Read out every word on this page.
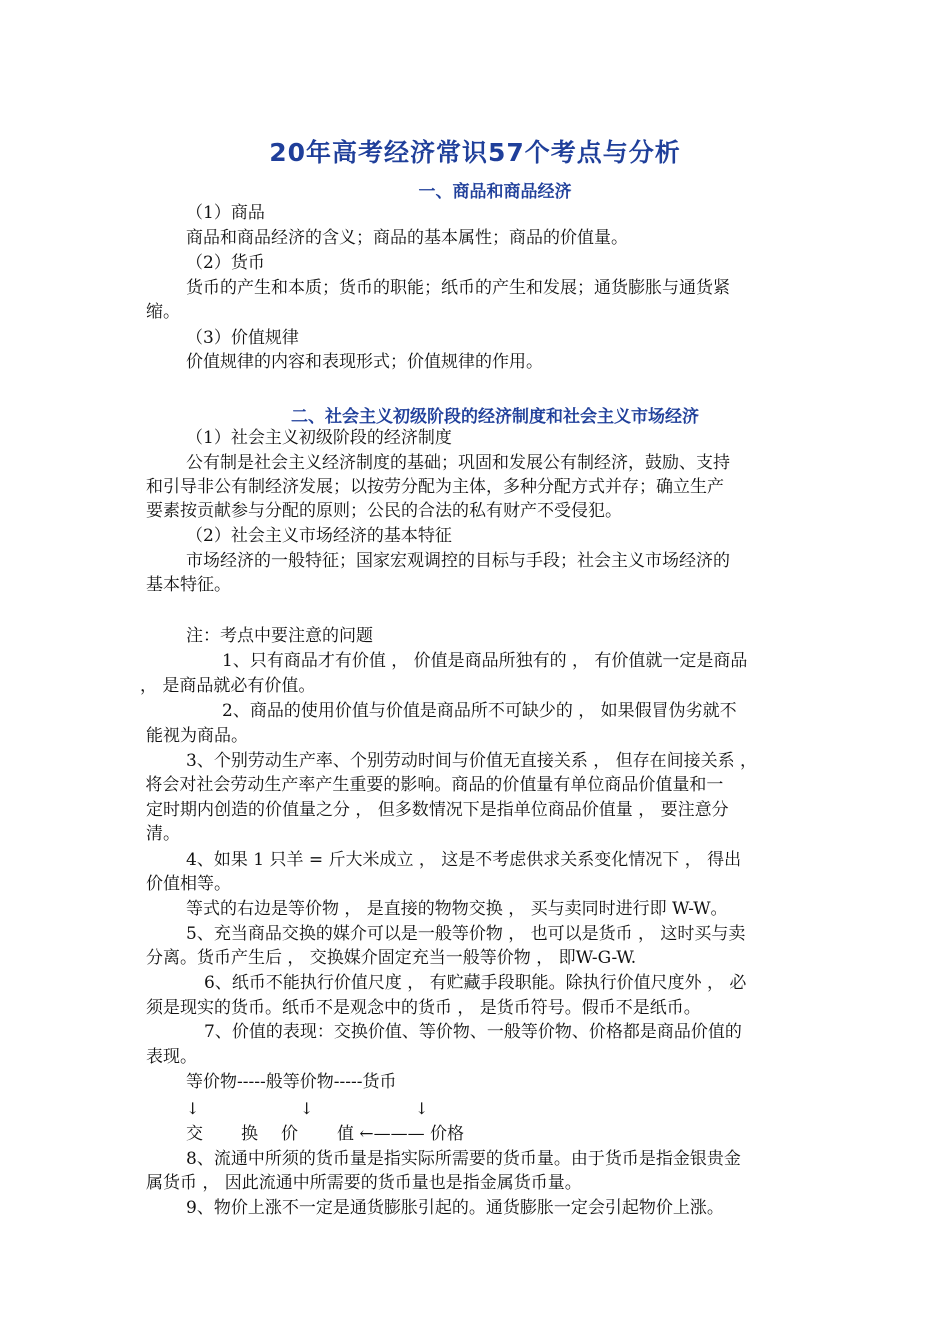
20年高考经济常识57个考点与分析
一、商品和商品经济
（1）商品
商品和商品经济的含义；商品的基本属性；商品的价值量。
（2）货币
货币的产生和本质；货币的职能；纸币的产生和发展；通货膨胀与通货紧
缩。
（3）价值规律
价值规律的内容和表现形式；价值规律的作用。
二、社会主义初级阶段的经济制度和社会主义市场经济
（1）社会主义初级阶段的经济制度
公有制是社会主义经济制度的基础；巩固和发展公有制经济，鼓励、支持
和引导非公有制经济发展；以按劳分配为主体，多种分配方式并存；确立生产
要素按贡献参与分配的原则；公民的合法的私有财产不受侵犯。
（2）社会主义市场经济的基本特征
市场经济的一般特征；国家宏观调控的目标与手段；社会主义市场经济的
基本特征。
注：考点中要注意的问题
1、只有商品才有价值 ， 价值是商品所独有的 ， 有价值就一定是商品
， 是商品就必有价值。
2、商品的使用价值与价值是商品所不可缺少的 ， 如果假冒伪劣就不
能视为商品。
3、个别劳动生产率、个别劳动时间与价值无直接关系 ， 但存在间接关系 ，
将会对社会劳动生产率产生重要的影响。商品的价值量有单位商品价值量和一
定时期内创造的价值量之分 ， 但多数情况下是指单位商品价值量 ， 要注意分
清。
4、如果 1 只羊 = 斤大米成立 ， 这是不考虑供求关系变化情况下 ， 得出
价值相等。
等式的右边是等价物 ， 是直接的物物交换 ， 买与卖同时进行即 W-W。
5、充当商品交换的媒介可以是一般等价物 ， 也可以是货币 ， 这时买与卖
分离。货币产生后 ， 交换媒介固定充当一般等价物 ， 即W-G-W.
6、纸币不能执行价值尺度 ， 有贮藏手段职能。除执行价值尺度外 ， 必
须是现实的货币。纸币不是观念中的货币 ， 是货币符号。假币不是纸币。
7、价值的表现：交换价值、等价物、一般等价物、价格都是商品价值的
表现。
等价物-----般等价物-----货币
↓	↓	↓
交 换 价 值 ←——— 价格
8、流通中所须的货币量是指实际所需要的货币量。由于货币是指金银贵金
属货币 ， 因此流通中所需要的货币量也是指金属货币量。
9、物价上涨不一定是通货膨胀引起的。通货膨胀一定会引起物价上涨。
